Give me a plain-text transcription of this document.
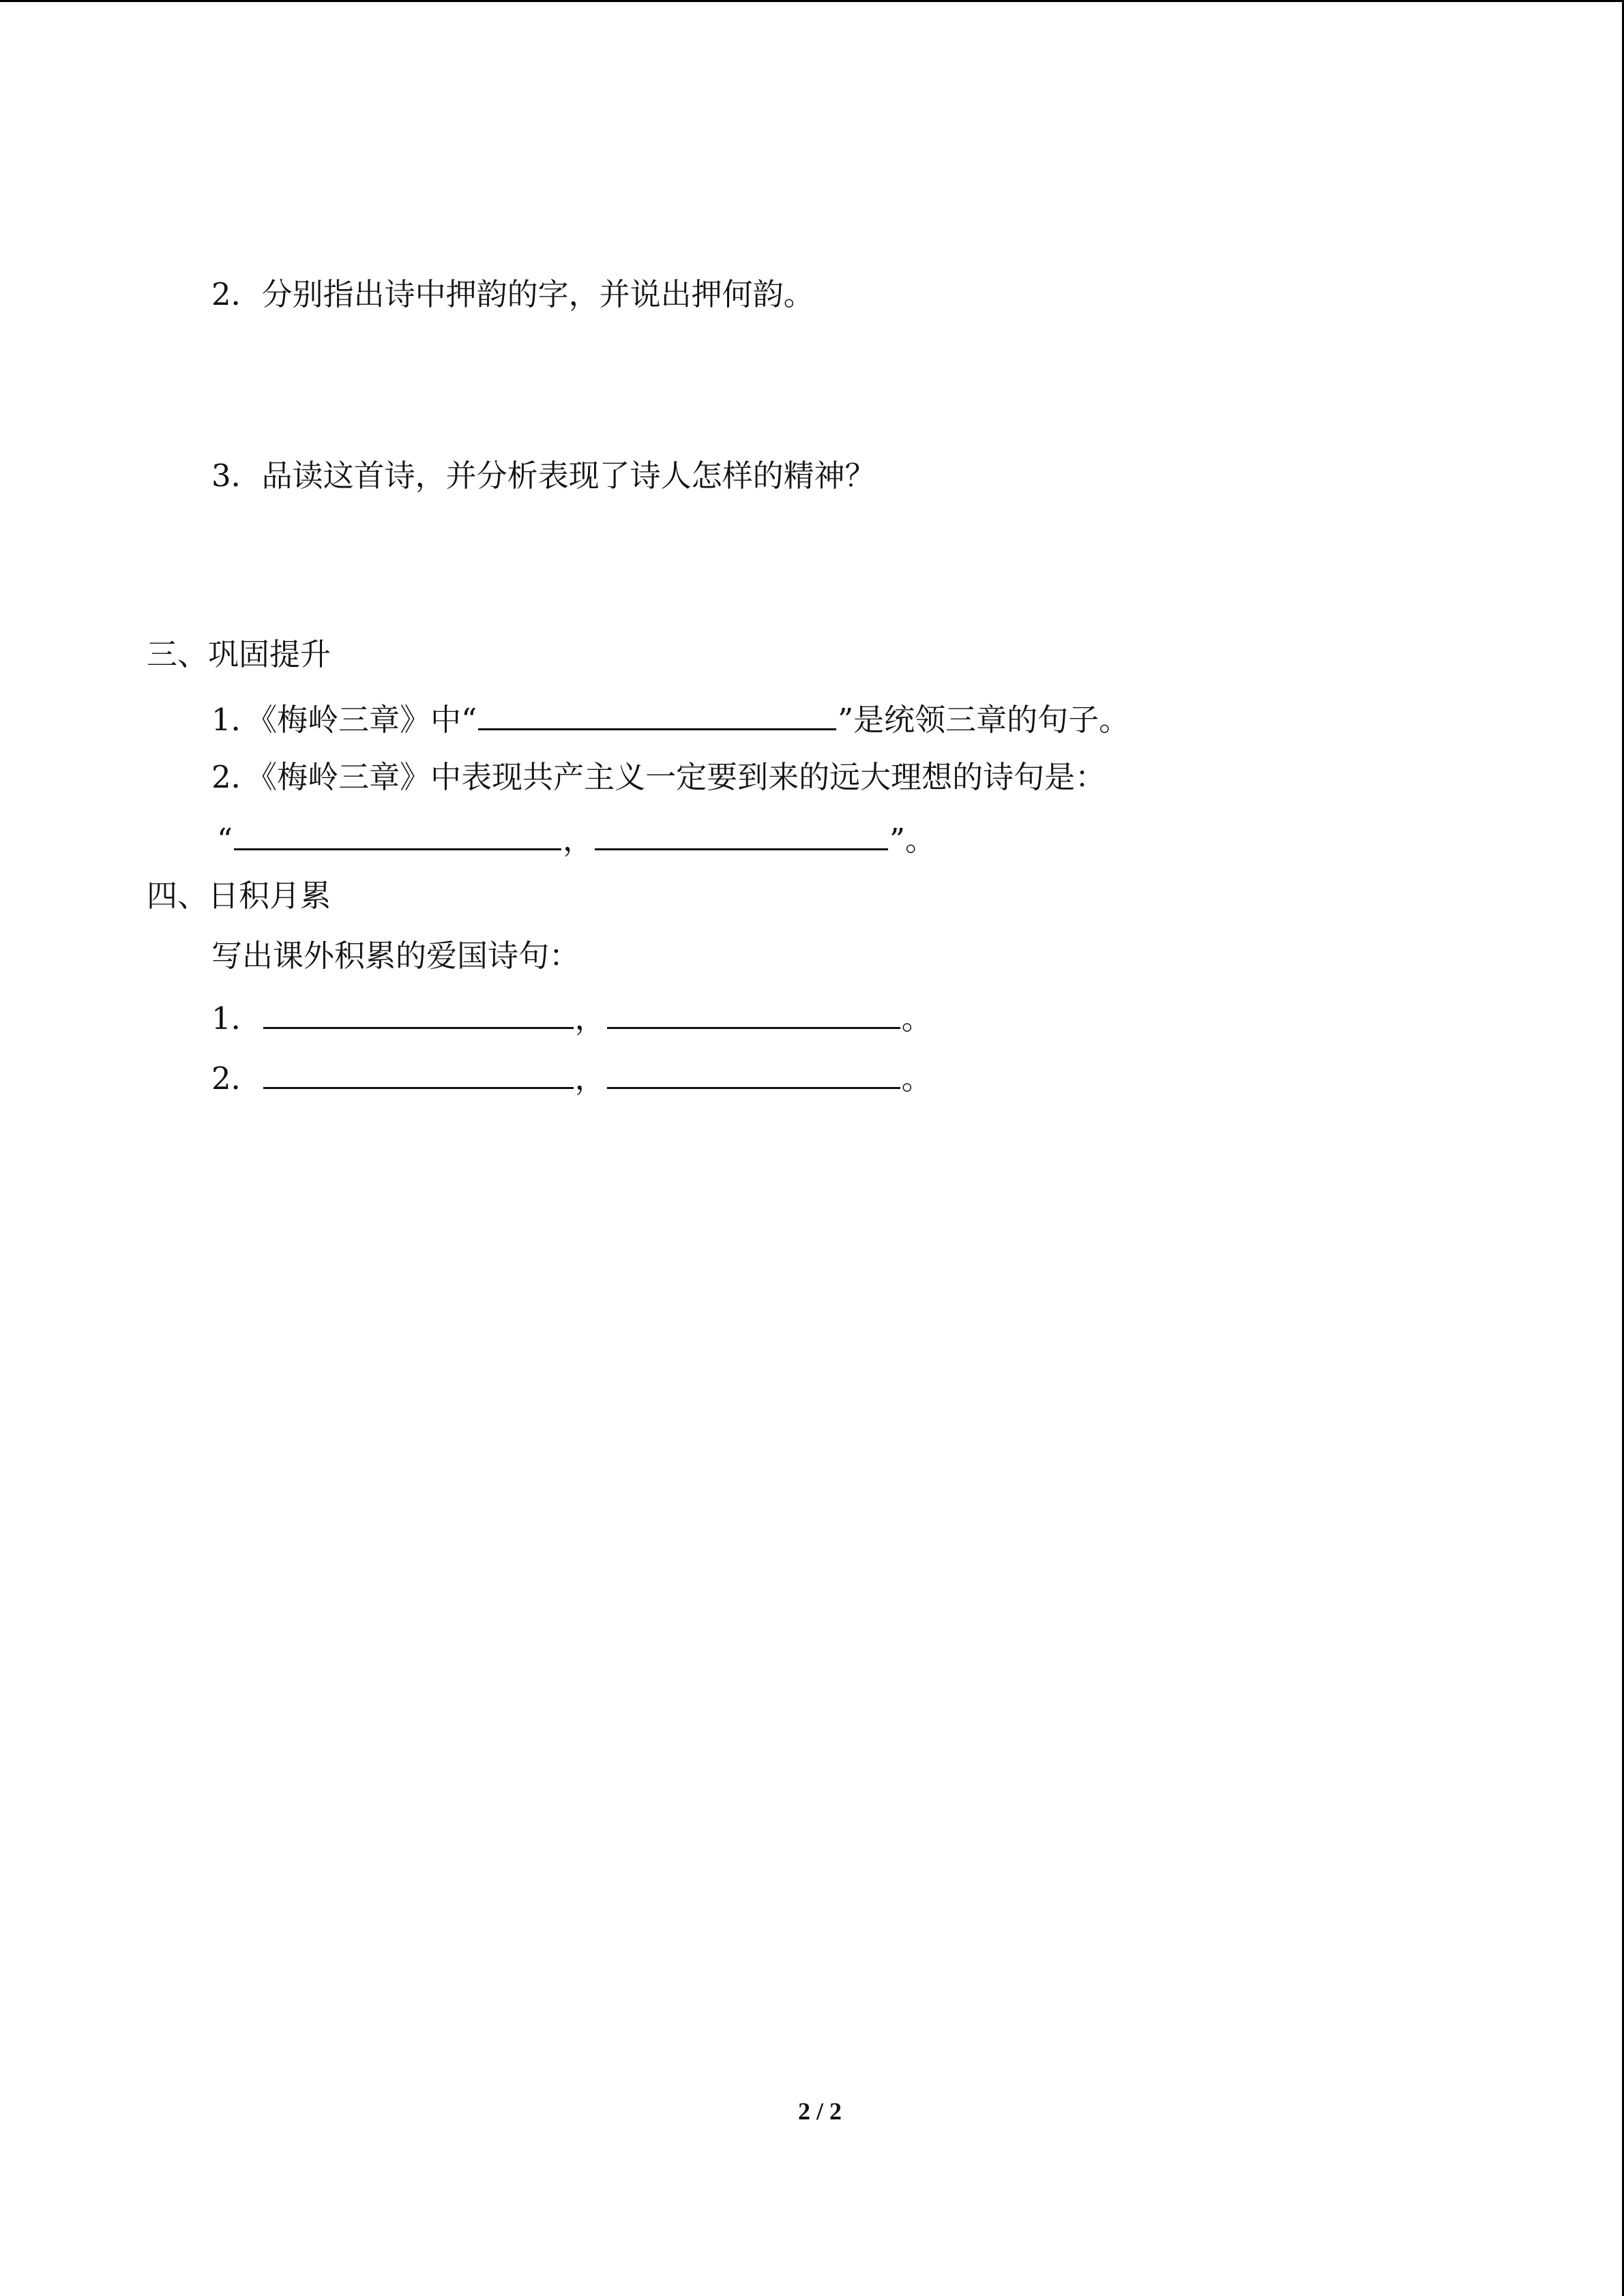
2．分别指出诗中押韵的字，并说出押何韵。
3．品读这首诗，并分析表现了诗人怎样的精神？
三、巩固提升
1．《梅岭三章》中“	”是统领三章的句子。
2．《梅岭三章》中表现共产主义一定要到来的远大理想的诗句是：
“	，	”。
四、日积月累
写出课外积累的爱国诗句：
1．	，	。
2．	，	。
2 / 2
